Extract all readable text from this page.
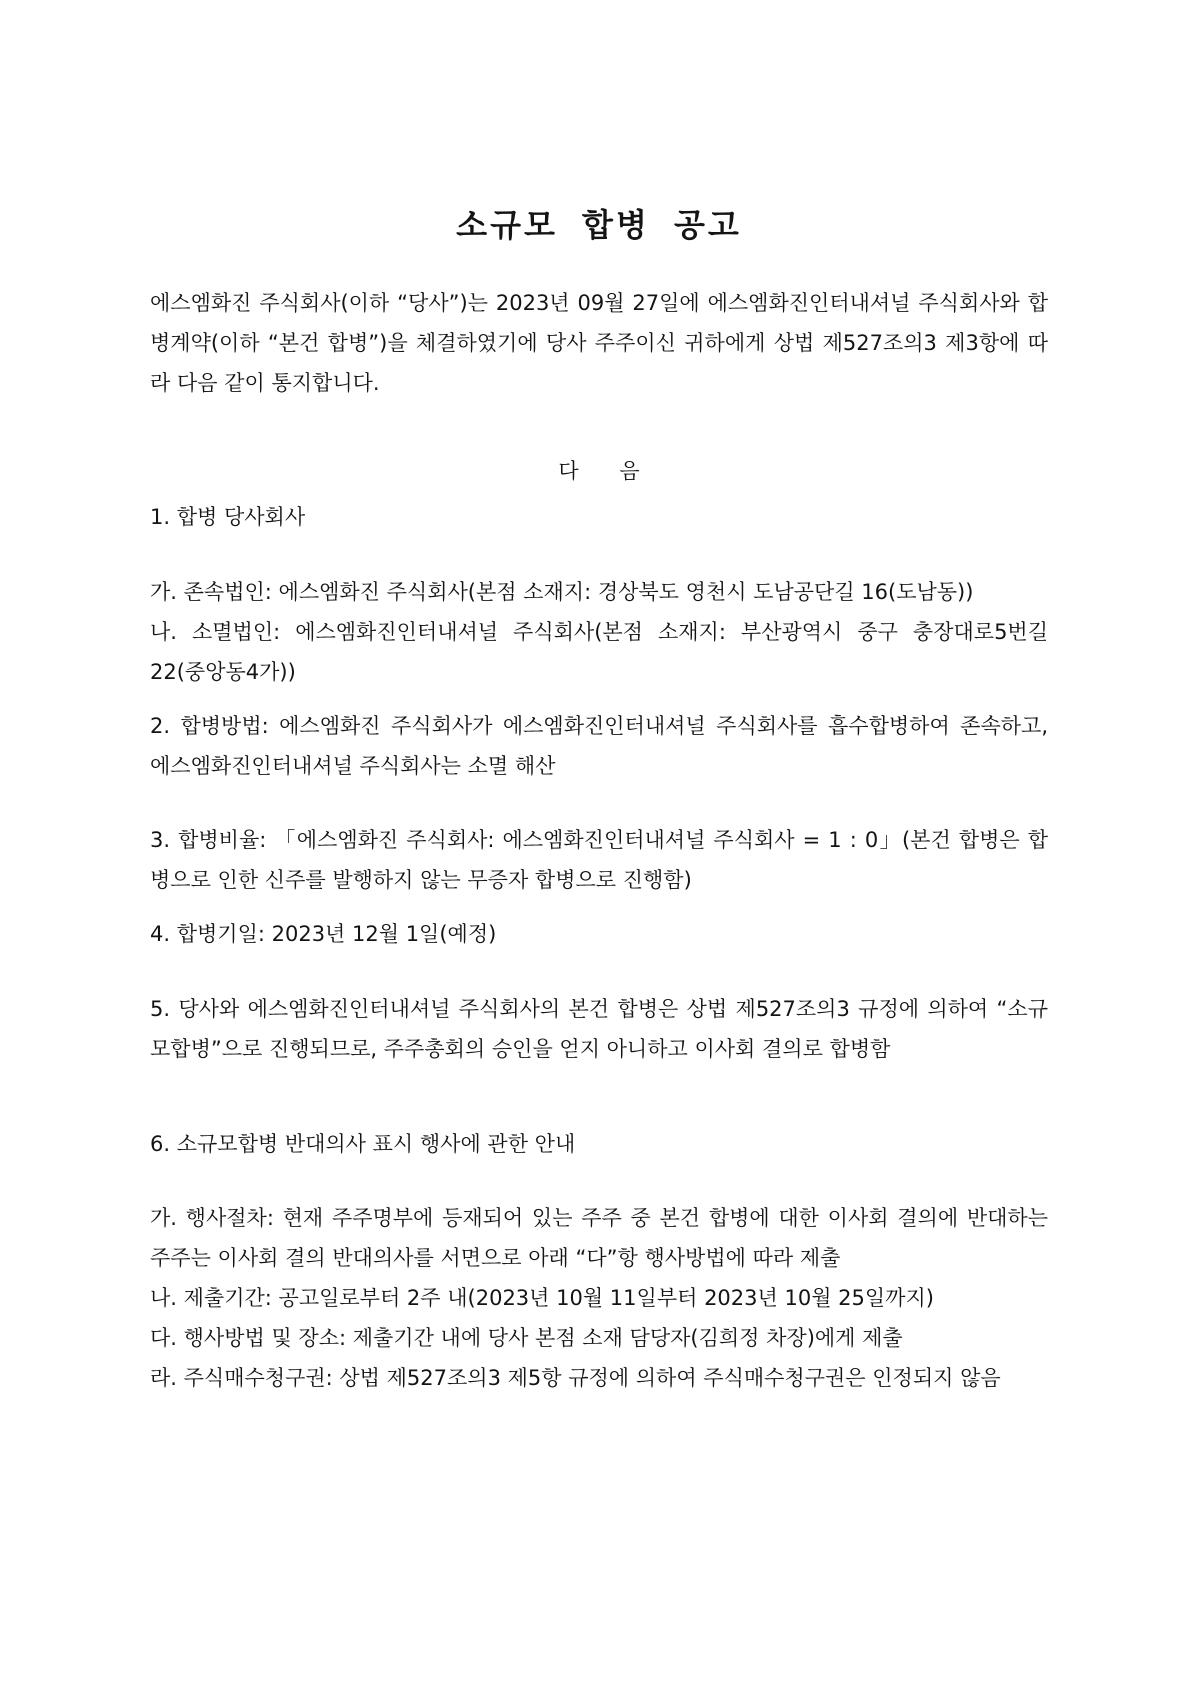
소규모 합병 공고

에스엠화진 주식회사(이하 “당사”)는 2023년 09월 27일에 에스엠화진인터내셔널 주식회사와 합병계약(이하 “본건 합병”)을 체결하였기에 당사 주주이신 귀하에게 상법 제527조의3 제3항에 따라 다음 같이 통지합니다.

다 음

1. 합병 당사회사

가. 존속법인: 에스엠화진 주식회사(본점 소재지: 경상북도 영천시 도남공단길 16(도남동))

나. 소멸법인: 에스엠화진인터내셔널 주식회사(본점 소재지: 부산광역시 중구 충장대로5번길 22(중앙동4가))

2. 합병방법: 에스엠화진 주식회사가 에스엠화진인터내셔널 주식회사를 흡수합병하여 존속하고, 에스엠화진인터내셔널 주식회사는 소멸 해산

3. 합병비율: 「에스엠화진 주식회사: 에스엠화진인터내셔널 주식회사 = 1 : 0」(본건 합병은 합병으로 인한 신주를 발행하지 않는 무증자 합병으로 진행함)

4. 합병기일: 2023년 12월 1일(예정)

5. 당사와 에스엠화진인터내셔널 주식회사의 본건 합병은 상법 제527조의3 규정에 의하여 “소규모합병”으로 진행되므로, 주주총회의 승인을 얻지 아니하고 이사회 결의로 합병함

6. 소규모합병 반대의사 표시 행사에 관한 안내

가. 행사절차: 현재 주주명부에 등재되어 있는 주주 중 본건 합병에 대한 이사회 결의에 반대하는 주주는 이사회 결의 반대의사를 서면으로 아래 “다”항 행사방법에 따라 제출

나. 제출기간: 공고일로부터 2주 내(2023년 10월 11일부터 2023년 10월 25일까지)

다. 행사방법 및 장소: 제출기간 내에 당사 본점 소재 담당자(김희정 차장)에게 제출

라. 주식매수청구권: 상법 제527조의3 제5항 규정에 의하여 주식매수청구권은 인정되지 않음
